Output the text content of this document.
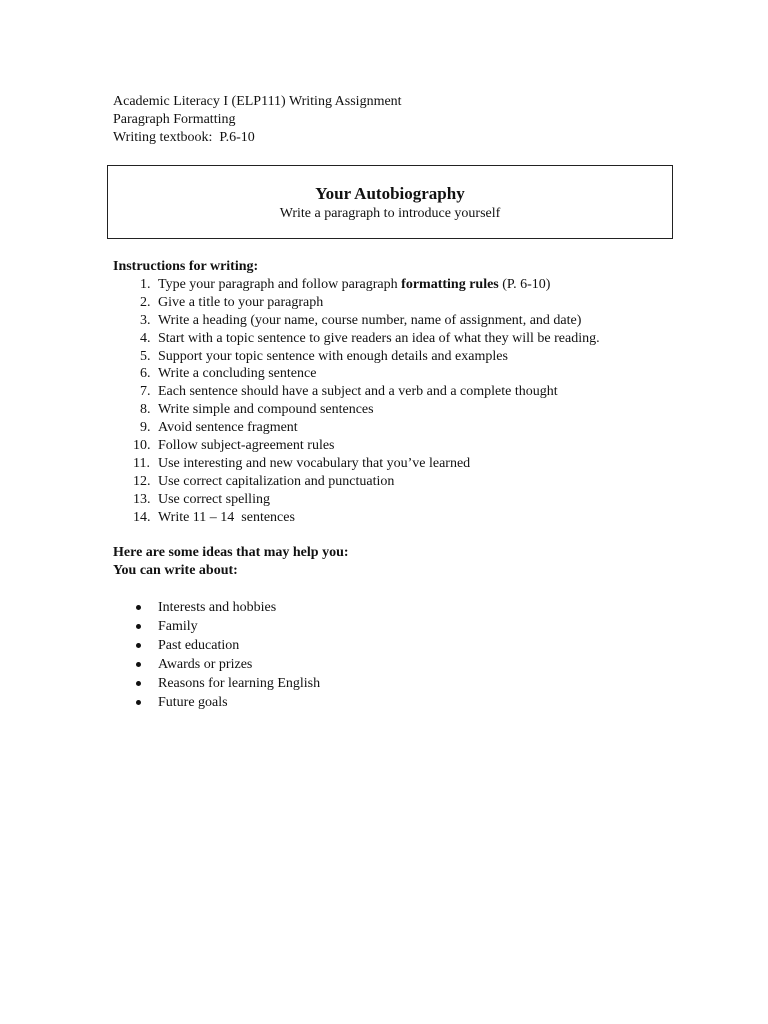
Academic Literacy I (ELP111) Writing Assignment
Paragraph Formatting
Writing textbook:  P.6-10
Your Autobiography
Write a paragraph to introduce yourself
Instructions for writing:
1. Type your paragraph and follow paragraph formatting rules (P. 6-10)
2. Give a title to your paragraph
3. Write a heading (your name, course number, name of assignment, and date)
4. Start with a topic sentence to give readers an idea of what they will be reading.
5. Support your topic sentence with enough details and examples
6. Write a concluding sentence
7. Each sentence should have a subject and a verb and a complete thought
8. Write simple and compound sentences
9. Avoid sentence fragment
10. Follow subject-agreement rules
11. Use interesting and new vocabulary that you’ve learned
12. Use correct capitalization and punctuation
13. Use correct spelling
14. Write 11 – 14  sentences
Here are some ideas that may help you:
You can write about:
Interests and hobbies
Family
Past education
Awards or prizes
Reasons for learning English
Future goals
